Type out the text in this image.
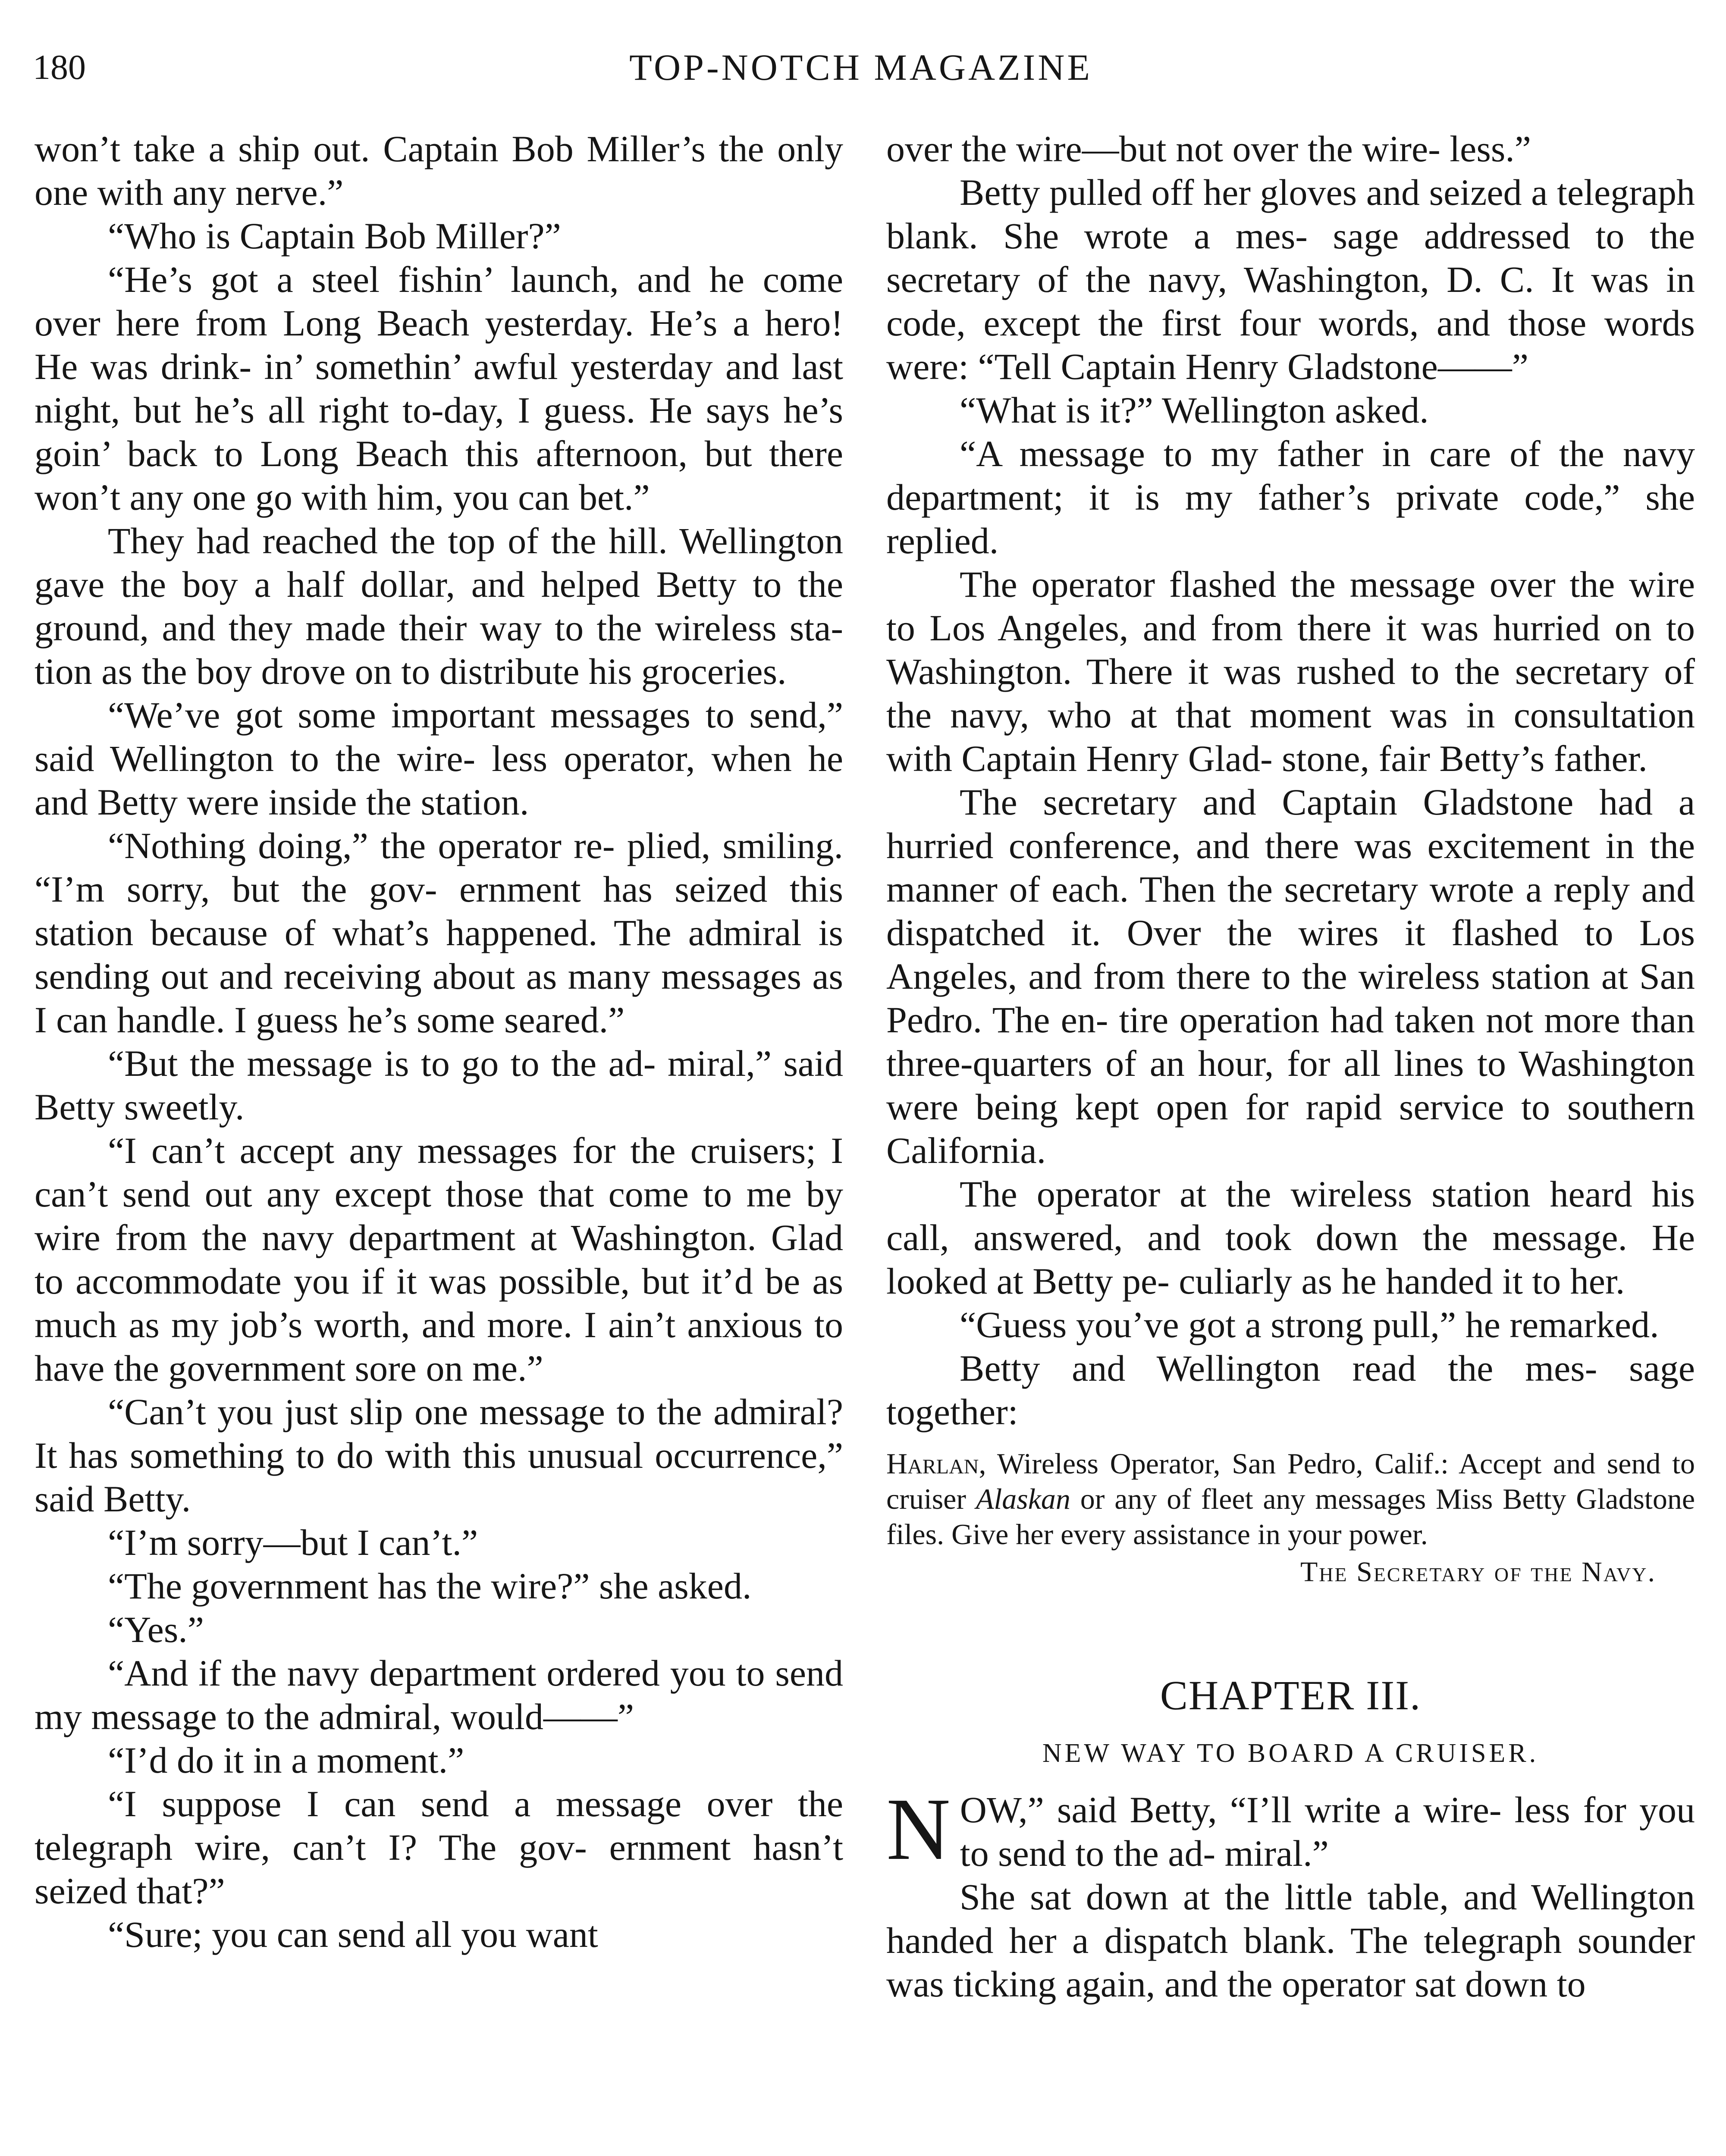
180	TOP-NOTCH MAGAZINE

won’t take a ship out. Captain Bob Miller’s the only one with any nerve.”

“Who is Captain Bob Miller?”

“He’s got a steel fishin’ launch, and he come over here from Long Beach yesterday. He’s a hero! He was drink- in’ somethin’ awful yesterday and last night, but he’s all right to-day, I guess. He says he’s goin’ back to Long Beach this afternoon, but there won’t any one go with him, you can bet.”

They had reached the top of the hill. Wellington gave the boy a half dollar, and helped Betty to the ground, and they made their way to the wireless sta- tion as the boy drove on to distribute his groceries.

“We’ve got some important messages to send,” said Wellington to the wire- less operator, when he and Betty were inside the station.

“Nothing doing,” the operator re- plied, smiling. “I’m sorry, but the gov- ernment has seized this station because of what’s happened. The admiral is sending out and receiving about as many messages as I can handle. I guess he’s some seared.”

“But the message is to go to the ad- miral,” said Betty sweetly.

“I can’t accept any messages for the cruisers; I can’t send out any except those that come to me by wire from the navy department at Washington. Glad to accommodate you if it was possible, but it’d be as much as my job’s worth, and more. I ain’t anxious to have the government sore on me.”

“Can’t you just slip one message to the admiral? It has something to do with this unusual occurrence,” said Betty.

“I’m sorry—but I can’t.”

“The government has the wire?” she asked.

“Yes.”

“And if the navy department ordered you to send my message to the admiral, would——”

“I’d do it in a moment.”

“I suppose I can send a message over the telegraph wire, can’t I? The gov- ernment hasn’t seized that?”

“Sure; you can send all you want

over the wire—but not over the wire- less.”

Betty pulled off her gloves and seized a telegraph blank. She wrote a mes- sage addressed to the secretary of the navy, Washington, D. C. It was in code, except the first four words, and those words were: “Tell Captain Henry Gladstone——”

“What is it?” Wellington asked.

“A message to my father in care of the navy department; it is my father’s private code,” she replied.

The operator flashed the message over the wire to Los Angeles, and from there it was hurried on to Washington. There it was rushed to the secretary of the navy, who at that moment was in consultation with Captain Henry Glad- stone, fair Betty’s father.

The secretary and Captain Gladstone had a hurried conference, and there was excitement in the manner of each. Then the secretary wrote a reply and dispatched it. Over the wires it flashed to Los Angeles, and from there to the wireless station at San Pedro. The en- tire operation had taken not more than three-quarters of an hour, for all lines to Washington were being kept open for rapid service to southern California.

The operator at the wireless station heard his call, answered, and took down the message. He looked at Betty pe- culiarly as he handed it to her.

“Guess you’ve got a strong pull,” he remarked.

Betty and Wellington read the mes- sage together:

Harlan, Wireless Operator, San Pedro, Calif.: Accept and send to cruiser Alaskan or any of fleet any messages Miss Betty Gladstone files. Give her every assistance in your power.
The Secretary of the Navy.
CHAPTER III.
NEW WAY TO BOARD A CRUISER.

NOW,” said Betty, “I’ll write a wire- less for you to send to the ad- miral.”

She sat down at the little table, and Wellington handed her a dispatch blank. The telegraph sounder was ticking again, and the operator sat down to
